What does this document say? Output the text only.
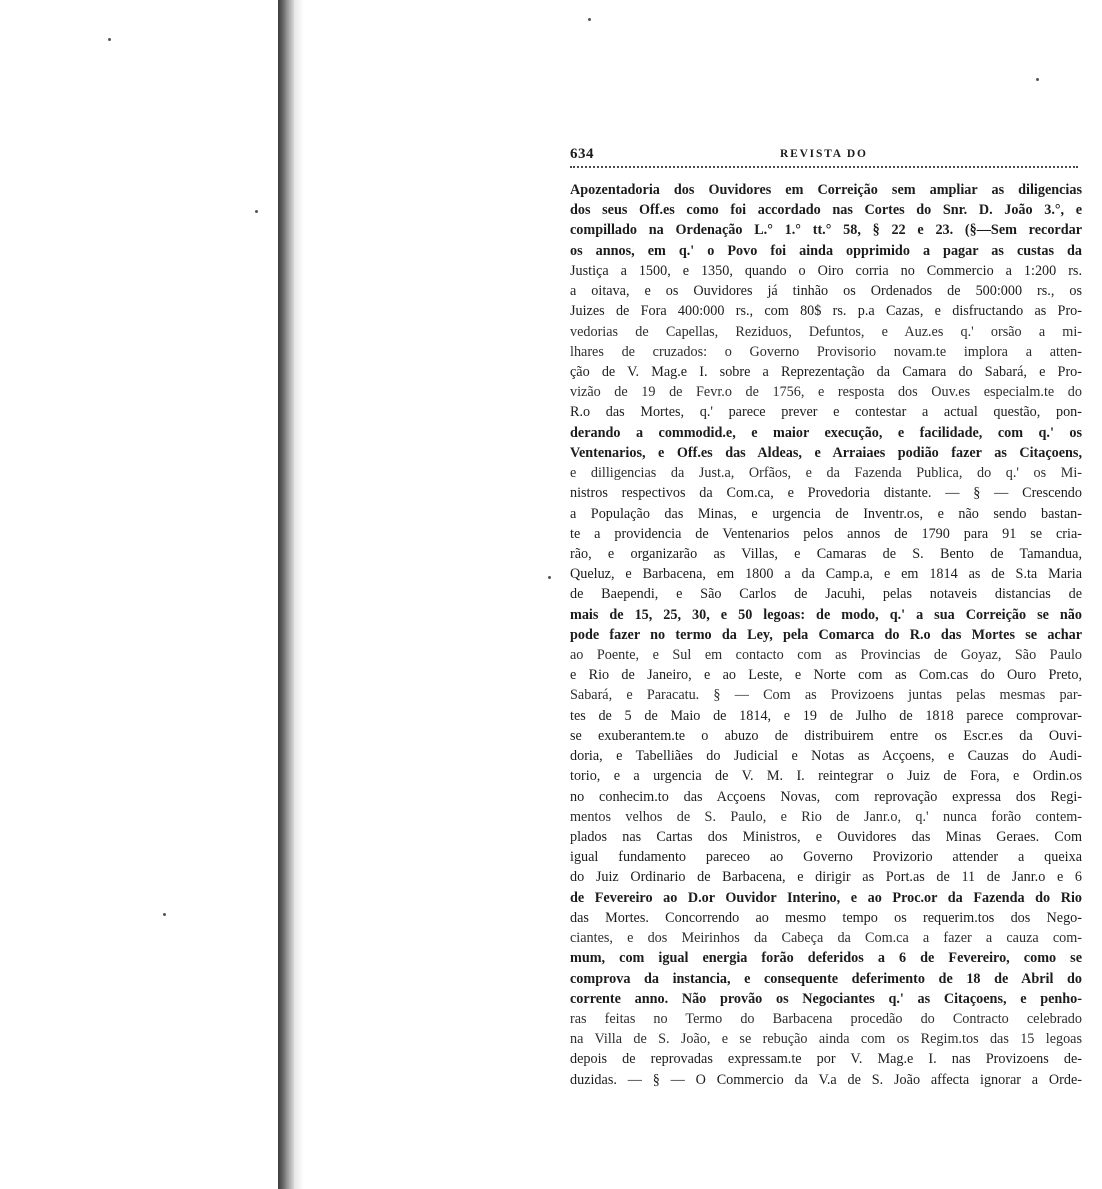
634	REVISTA DO
Apozentadoria dos Ouvidores em Correição sem ampliar as diligencias
dos seus Off.es como foi accordado nas Cortes do Snr. D. João 3.°, e
compillado na Ordenação L.° 1.° tt.° 58, § 22 e 23. (§—Sem recordar
os annos, em q.' o Povo foi ainda opprimido a pagar as custas da
Justiça a 1500, e 1350, quando o Oiro corria no Commercio a 1:200 rs.
a oitava, e os Ouvidores já tinhão os Ordenados de 500:000 rs., os
Juizes de Fora 400:000 rs., com 80$ rs. p.a Cazas, e disfructando as Pro-
vedorias de Capellas, Reziduos, Defuntos, e Auz.es q.' orsão a mi-
lhares de cruzados: o Governo Provisorio novam.te implora a atten-
ção de V. Mag.e I. sobre a Reprezentação da Camara do Sabará, e Pro-
vizão de 19 de Fevr.o de 1756, e resposta dos Ouv.es especialm.te do
R.o das Mortes, q.' parece prever e contestar a actual questão, pon-
derando a commodid.e, e maior execução, e facilidade, com q.' os
Ventenarios, e Off.es das Aldeas, e Arraiaes podião fazer as Citaçoens,
e dilligencias da Just.a, Orfãos, e da Fazenda Publica, do q.' os Mi-
nistros respectivos da Com.ca, e Provedoria distante. — § — Crescendo
a População das Minas, e urgencia de Inventr.os, e não sendo bastan-
te a providencia de Ventenarios pelos annos de 1790 para 91 se cria-
rão, e organizarão as Villas, e Camaras de S. Bento de Tamandua,
Queluz, e Barbacena, em 1800 a da Camp.a, e em 1814 as de S.ta Maria
de Baependi, e São Carlos de Jacuhi, pelas notaveis distancias de
mais de 15, 25, 30, e 50 legoas: de modo, q.' a sua Correição se não
pode fazer no termo da Ley, pela Comarca do R.o das Mortes se achar
ao Poente, e Sul em contacto com as Provincias de Goyaz, São Paulo
e Rio de Janeiro, e ao Leste, e Norte com as Com.cas do Ouro Preto,
Sabará, e Paracatu. § — Com as Provizoens juntas pelas mesmas par-
tes de 5 de Maio de 1814, e 19 de Julho de 1818 parece comprovar-
se exuberantem.te o abuzo de distribuirem entre os Escr.es da Ouvi-
doria, e Tabelliães do Judicial e Notas as Acçoens, e Cauzas do Audi-
torio, e a urgencia de V. M. I. reintegrar o Juiz de Fora, e Ordin.os
no conhecim.to das Acçoens Novas, com reprovação expressa dos Regi-
mentos velhos de S. Paulo, e Rio de Janr.o, q.' nunca forão contem-
plados nas Cartas dos Ministros, e Ouvidores das Minas Geraes. Com
igual fundamento pareceo ao Governo Provizorio attender a queixa
do Juiz Ordinario de Barbacena, e dirigir as Port.as de 11 de Janr.o e 6
de Fevereiro ao D.or Ouvidor Interino, e ao Proc.or da Fazenda do Rio
das Mortes. Concorrendo ao mesmo tempo os requerim.tos dos Nego-
ciantes, e dos Meirinhos da Cabeça da Com.ca a fazer a cauza com-
mum, com igual energia forão deferidos a 6 de Fevereiro, como se
comprova da instancia, e consequente deferimento de 18 de Abril do
corrente anno. Não provão os Negociantes q.' as Citaçoens, e penho-
ras feitas no Termo do Barbacena procedão do Contracto celebrado
na Villa de S. João, e se rebução ainda com os Regim.tos das 15 legoas
depois de reprovadas expressam.te por V. Mag.e I. nas Provizoens de-
duzidas. — § — O Commercio da V.a de S. João affecta ignorar a Orde-
